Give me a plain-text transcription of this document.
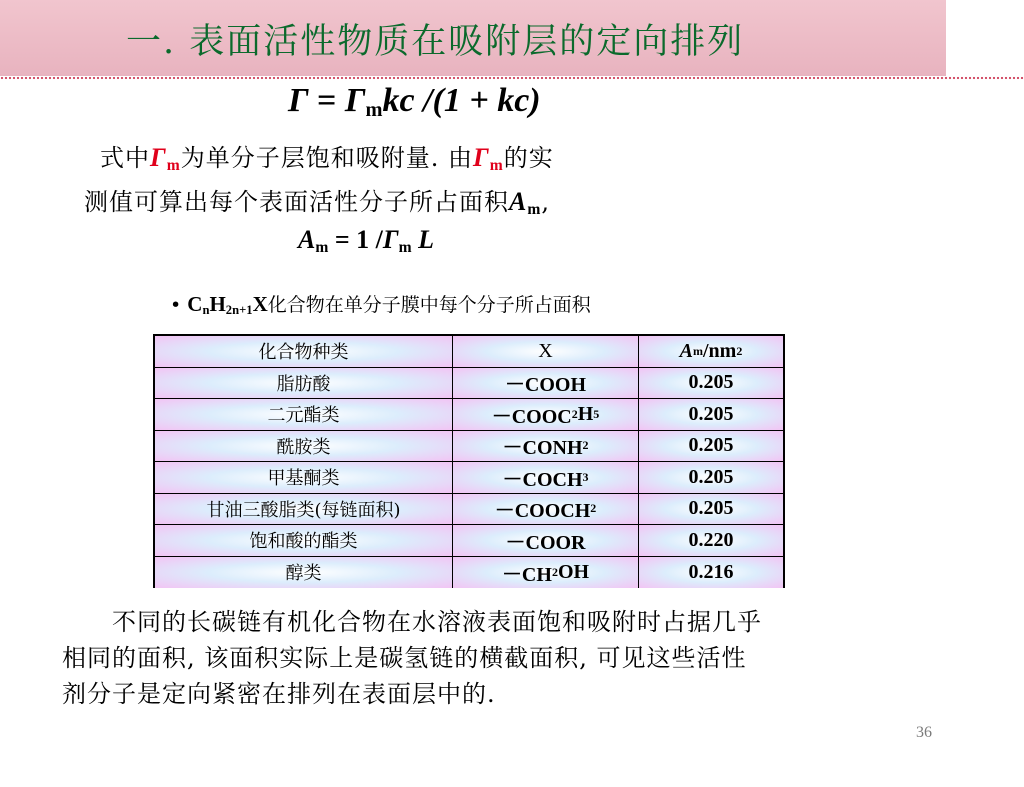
一. 表面活性物质在吸附层的定向排列
$\Gamma = \Gamma_mkc$ /(1 + kc)
式中$\Gamma_m$为单分子层饱和吸附量. 由$\Gamma_m$的实
测值可算出每个表面活性分子所占面积$A_m$,
$A_m = 1$ $/\Gamma_m$ L
• $C_nH_{2n+1}X$化合物在单分子膜中每个分子所占面积
化合物种类	X	A m /nm 2
脂肪酸	－COOH	0.205
二元酯类	－COOC 2 H 5	0.205
酰胺类	－CONH 2	0.205
甲基酮类	－COCH 3	0.205
甘油三酸脂类(每链面积)	－COOCH 2	0.205
饱和酸的酯类	－COOR	0.220
醇类	－CH 2 OH	0.216
　　不同的长碳链有机化合物在水溶液表面饱和吸附时占据几乎
相同的面积, 该面积实际上是碳氢链的横截面积, 可见这些活性
剂分子是定向紧密在排列在表面层中的.
36
